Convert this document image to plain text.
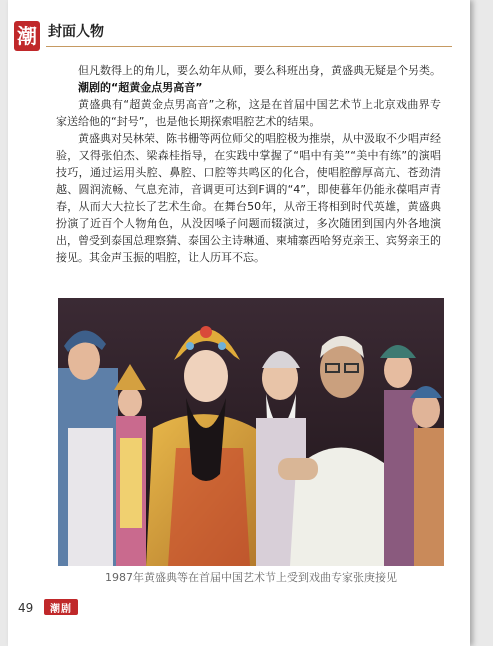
潮 封面人物

但凡数得上的角儿，要么幼年从师，要么科班出身，黄盛典无疑是个另类。

潮剧的“超黄金点男高音”

黄盛典有“超黄金点男高音”之称，这是在首届中国艺术节上北京戏曲界专家送给他的“封号”，也是他长期探索唱腔艺术的结果。

黄盛典对吴林荣、陈书栅等两位师父的唱腔极为推崇，从中汲取不少唱声经验，又得张伯杰、梁森桂指导，在实践中掌握了“唱中有美”“美中有练”的演唱技巧，通过运用头腔、鼻腔、口腔等共鸣区的化合，使唱腔醇厚高亢、苍劲清越、圆润流畅、气息充沛，音调更可达到F调的“4”，即使暮年仍能永葆唱声青春，从而大大拉长了艺术生命。在舞台50年，从帝王将相到时代英雄，黄盛典扮演了近百个人物角色，从没因嗓子问题而辍演过，多次随团到国内外各地演出，曾受到泰国总理察猜、泰国公主诗琳通、柬埔寨西哈努克亲王、宾努亲王的接见。其金声玉振的唱腔，让人历耳不忘。

1987年黄盛典等在首届中国艺术节上受到戏曲专家张庚接见
49 潮剧
